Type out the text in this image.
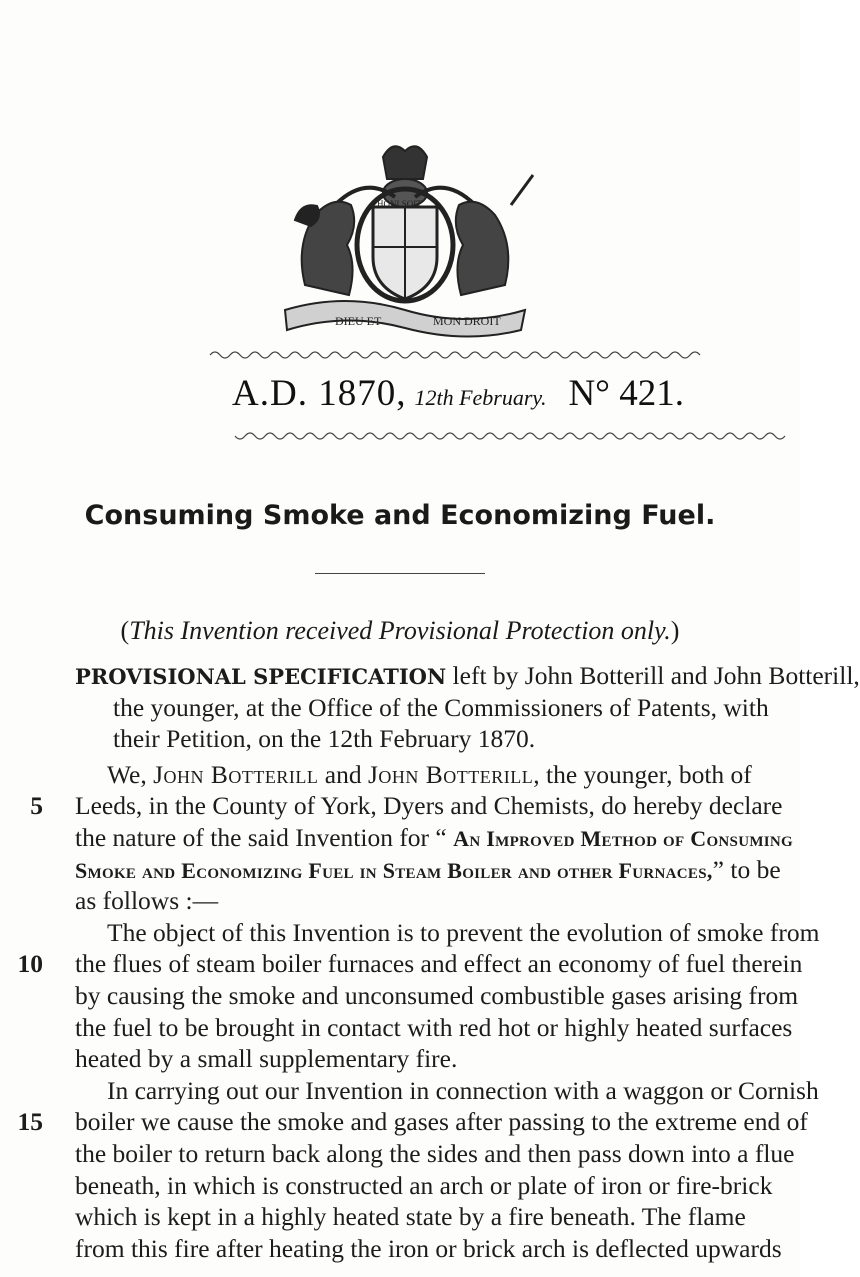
DIEU ET	MON DROIT
HONI SOIT
A.D. 1870, 12th February. N° 421.
Consuming Smoke and Economizing Fuel.
(This Invention received Provisional Protection only.)
PROVISIONAL SPECIFICATION left by John Botterill and John Botterill,
the younger, at the Office of the Commissioners of Patents, with
their Petition, on the 12th February 1870.
We, John Botterill and John Botterill, the younger, both of
5 Leeds, in the County of York, Dyers and Chemists, do hereby declare
the nature of the said Invention for “ An Improved Method of Consuming
Smoke and Economizing Fuel in Steam Boiler and other Furnaces,” to be
as follows :—
The object of this Invention is to prevent the evolution of smoke from
10 the flues of steam boiler furnaces and effect an economy of fuel therein
by causing the smoke and unconsumed combustible gases arising from
the fuel to be brought in contact with red hot or highly heated surfaces
heated by a small supplementary fire.
In carrying out our Invention in connection with a waggon or Cornish
15 boiler we cause the smoke and gases after passing to the extreme end of
the boiler to return back along the sides and then pass down into a flue
beneath, in which is constructed an arch or plate of iron or fire-brick
which is kept in a highly heated state by a fire beneath. The flame
from this fire after heating the iron or brick arch is deflected upwards
